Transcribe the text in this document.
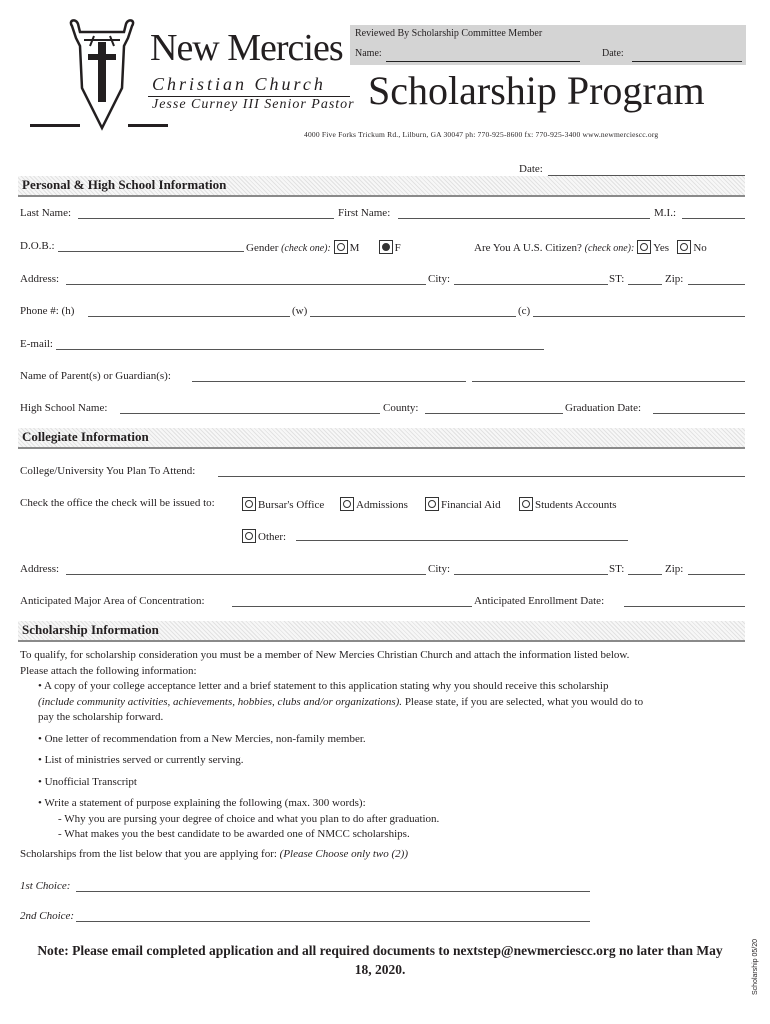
New Mercies
Christian Church
Jesse Curney III Senior Pastor
Reviewed By Scholarship Committee Member
Name:	Date:
Scholarship Program
4000 Five Forks Trickum Rd., Lilburn, GA 30047 ph: 770-925-8600 fx: 770-925-3400 www.newmerciescc.org
Date:
Personal & High School Information
Last Name:	First Name:	M.I.:
D.O.B.:	Gender (check one): M	F	Are You A U.S. Citizen? (check one): Yes No
Address:	City:	ST:	Zip:
Phone #: (h)	(w)	(c)
E-mail:
Name of Parent(s) or Guardian(s):
High School Name:	County:	Graduation Date:
Collegiate Information
College/University You Plan To Attend:
Check the office the check will be issued to:	Bursar's Office	Admissions	Financial Aid	Students Accounts
Other:
Address:	City:	ST:	Zip:
Anticipated Major Area of Concentration:	Anticipated Enrollment Date:
Scholarship Information
To qualify, for scholarship consideration you must be a member of New Mercies Christian Church and attach the information listed below.
Please attach the following information:
• A copy of your college acceptance letter and a brief statement to this application stating why you should receive this scholarship
(include community activities, achievements, hobbies, clubs and/or organizations). Please state, if you are selected, what you would do to
pay the scholarship forward.
• One letter of recommendation from a New Mercies, non-family member.
• List of ministries served or currently serving.
• Unofficial Transcript
• Write a statement of purpose explaining the following (max. 300 words):
- Why you are pursing your degree of choice and what you plan to do after graduation.
- What makes you the best candidate to be awarded one of NMCC scholarships.
Scholarships from the list below that you are applying for: (Please Choose only two (2))
1st Choice:
2nd Choice:
Note: Please email completed application and all required documents to nextstep@newmerciescc.org no later than May 18, 2020.	Scholarship 05/20
